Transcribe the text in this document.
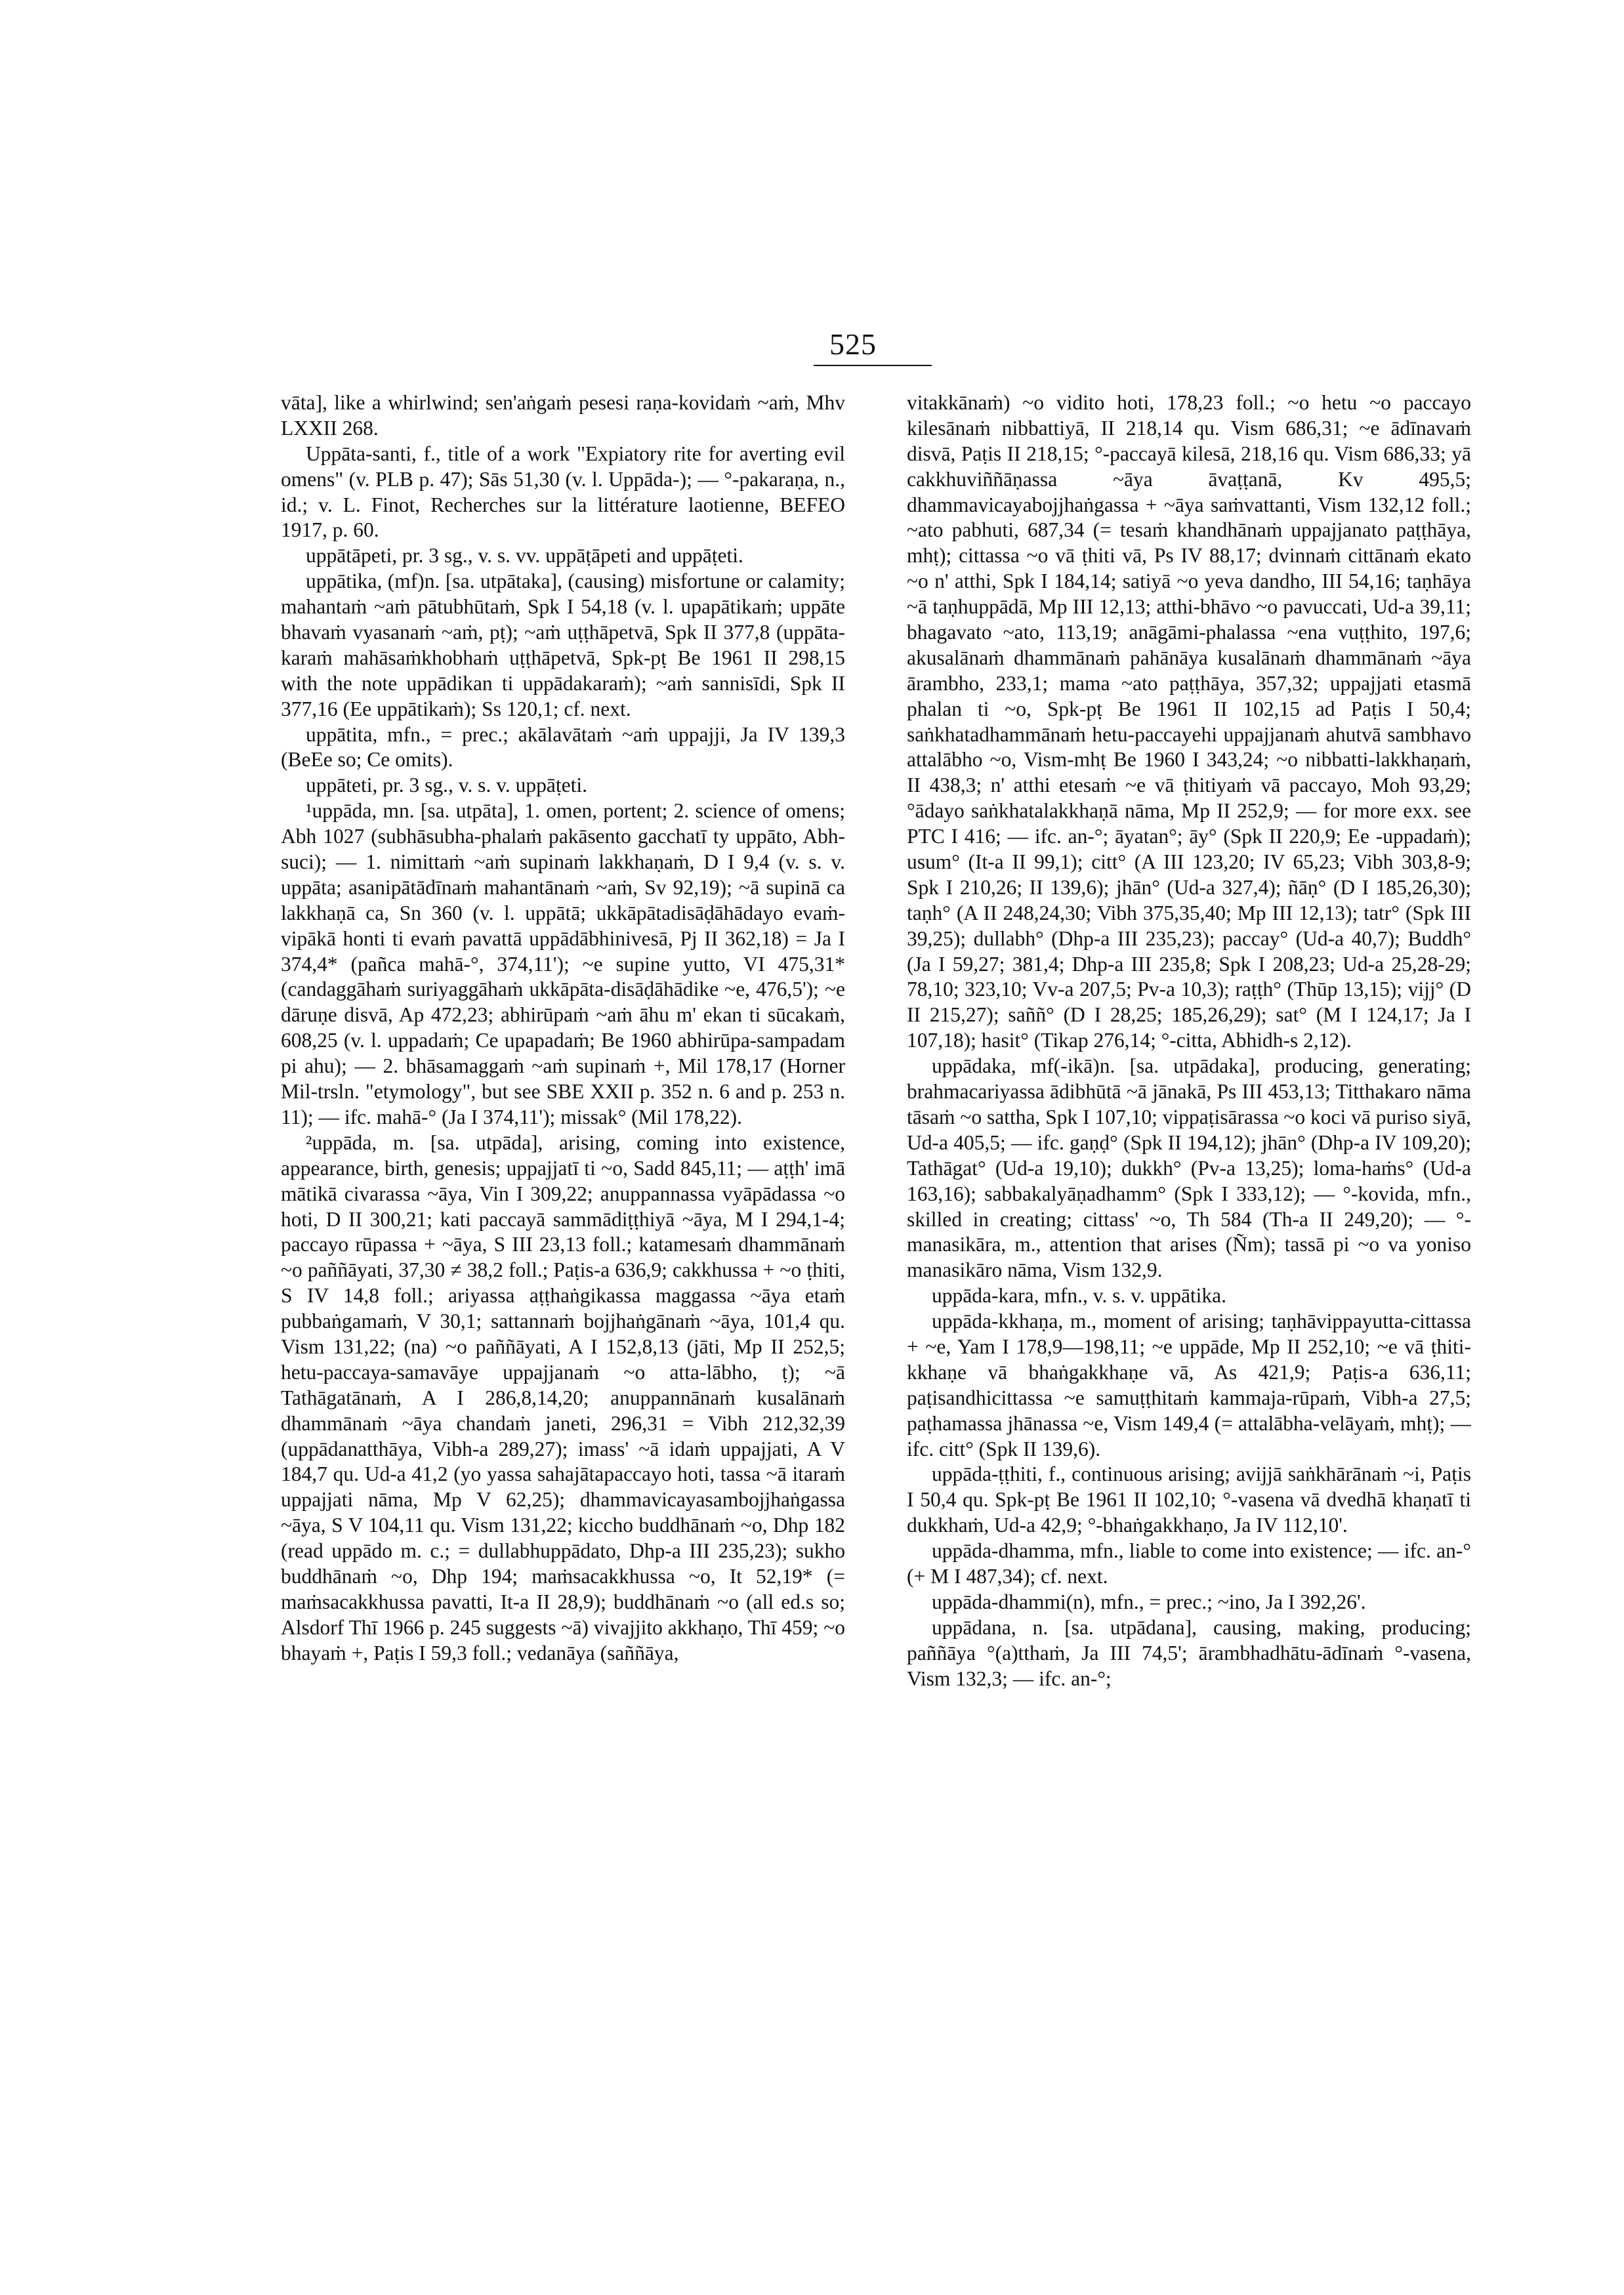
525

vāta], like a whirlwind; sen'aṅgaṁ pesesi raṇa-kovidaṁ ~aṁ, Mhv LXXII 268.

Uppāta-santi, f., title of a work "Expiatory rite for averting evil omens" (v. PLB p. 47); Sās 51,30 (v. l. Uppāda-); — °-pakaraṇa, n., id.; v. L. Finot, Recherches sur la littérature laotienne, BEFEO 1917, p. 60.

uppātāpeti, pr. 3 sg., v. s. vv. uppāṭāpeti and uppāṭeti.

uppātika, (mf)n. [sa. utpātaka], (causing) misfortune or calamity; mahantaṁ ~aṁ pātubhūtaṁ, Spk I 54,18 (v. l. upapātikaṁ; uppāte bhavaṁ vyasanaṁ ~aṁ, pṭ); ~aṁ uṭṭhāpetvā, Spk II 377,8 (uppāta-karaṁ mahāsaṁkhobhaṁ uṭṭhāpetvā, Spk-pṭ Be 1961 II 298,15 with the note uppādikan ti uppādakaraṁ); ~aṁ sannisīdi, Spk II 377,16 (Ee uppātikaṁ); Ss 120,1; cf. next.

uppātita, mfn., = prec.; akālavātaṁ ~aṁ uppajji, Ja IV 139,3 (BeEe so; Ce omits).

uppāteti, pr. 3 sg., v. s. v. uppāṭeti.

¹uppāda, mn. [sa. utpāta], 1. omen, portent; 2. science of omens; Abh 1027 (subhāsubha-phalaṁ pakāsento gacchatī ty uppāto, Abh-suci); — 1. nimittaṁ ~aṁ supinaṁ lakkhaṇaṁ, D I 9,4 (v. s. v. uppāta; asanipātādīnaṁ mahantānaṁ ~aṁ, Sv 92,19); ~ā supinā ca lakkhaṇā ca, Sn 360 (v. l. uppātā; ukkāpātadisāḍāhādayo evaṁ-vipākā honti ti evaṁ pavattā uppādābhinivesā, Pj II 362,18) = Ja I 374,4* (pañca mahā-°, 374,11'); ~e supine yutto, VI 475,31* (candaggāhaṁ suriyaggāhaṁ ukkāpāta-disāḍāhādike ~e, 476,5'); ~e dāruṇe disvā, Ap 472,23; abhirūpaṁ ~aṁ āhu m' ekan ti sūcakaṁ, 608,25 (v. l. uppadaṁ; Ce upapadaṁ; Be 1960 abhirūpa-sampadam pi ahu); — 2. bhāsamaggaṁ ~aṁ supinaṁ +, Mil 178,17 (Horner Mil-trsln. "etymology", but see SBE XXII p. 352 n. 6 and p. 253 n. 11); — ifc. mahā-° (Ja I 374,11'); missak° (Mil 178,22).

²uppāda, m. [sa. utpāda], arising, coming into existence, appearance, birth, genesis; uppajjatī ti ~o, Sadd 845,11; — aṭṭh' imā mātikā civarassa ~āya, Vin I 309,22; anuppannassa vyāpādassa ~o hoti, D II 300,21; kati paccayā sammādiṭṭhiyā ~āya, M I 294,1-4; paccayo rūpassa + ~āya, S III 23,13 foll.; katamesaṁ dhammānaṁ ~o paññāyati, 37,30 ≠ 38,2 foll.; Paṭis-a 636,9; cakkhussa + ~o ṭhiti, S IV 14,8 foll.; ariyassa aṭṭhaṅgikassa maggassa ~āya etaṁ pubbaṅgamaṁ, V 30,1; sattannaṁ bojjhaṅgānaṁ ~āya, 101,4 qu. Vism 131,22; (na) ~o paññāyati, A I 152,8,13 (jāti, Mp II 252,5; hetu-paccaya-samavāye uppajjanaṁ ~o atta-lābho, ṭ); ~ā Tathāgatānaṁ, A I 286,8,14,20; anuppannānaṁ kusalānaṁ dhammānaṁ ~āya chandaṁ janeti, 296,31 = Vibh 212,32,39 (uppādanatthāya, Vibh-a 289,27); imass' ~ā idaṁ uppajjati, A V 184,7 qu. Ud-a 41,2 (yo yassa sahajātapaccayo hoti, tassa ~ā itaraṁ uppajjati nāma, Mp V 62,25); dhammavicayasambojjhaṅgassa ~āya, S V 104,11 qu. Vism 131,22; kiccho buddhānaṁ ~o, Dhp 182 (read uppādo m. c.; = dullabhuppādato, Dhp-a III 235,23); sukho buddhānaṁ ~o, Dhp 194; maṁsacakkhussa ~o, It 52,19* (= maṁsacakkhussa pavatti, It-a II 28,9); buddhānaṁ ~o (all ed.s so; Alsdorf Thī 1966 p. 245 suggests ~ā) vivajjito akkhaṇo, Thī 459; ~o bhayaṁ +, Paṭis I 59,3 foll.; vedanāya (saññāya,

vitakkānaṁ) ~o vidito hoti, 178,23 foll.; ~o hetu ~o paccayo kilesānaṁ nibbattiyā, II 218,14 qu. Vism 686,31; ~e ādīnavaṁ disvā, Paṭis II 218,15; °-paccayā kilesā, 218,16 qu. Vism 686,33; yā cakkhuviññāṇassa ~āya āvaṭṭanā, Kv 495,5; dhammavicayabojjhaṅgassa + ~āya saṁvattanti, Vism 132,12 foll.; ~ato pabhuti, 687,34 (= tesaṁ khandhānaṁ uppajjanato paṭṭhāya, mhṭ); cittassa ~o vā ṭhiti vā, Ps IV 88,17; dvinnaṁ cittānaṁ ekato ~o n' atthi, Spk I 184,14; satiyā ~o yeva dandho, III 54,16; taṇhāya ~ā taṇhuppādā, Mp III 12,13; atthi-bhāvo ~o pavuccati, Ud-a 39,11; bhagavato ~ato, 113,19; anāgāmi-phalassa ~ena vuṭṭhito, 197,6; akusalānaṁ dhammānaṁ pahānāya kusalānaṁ dhammānaṁ ~āya ārambho, 233,1; mama ~ato paṭṭhāya, 357,32; uppajjati etasmā phalan ti ~o, Spk-pṭ Be 1961 II 102,15 ad Paṭis I 50,4; saṅkhatadhammānaṁ hetu-paccayehi uppajjanaṁ ahutvā sambhavo attalābho ~o, Vism-mhṭ Be 1960 I 343,24; ~o nibbatti-lakkhaṇaṁ, II 438,3; n' atthi etesaṁ ~e vā ṭhitiyaṁ vā paccayo, Moh 93,29; °ādayo saṅkhatalakkhaṇā nāma, Mp II 252,9; — for more exx. see PTC I 416; — ifc. an-°; āyatan°; āy° (Spk II 220,9; Ee -uppadaṁ); usum° (It-a II 99,1); citt° (A III 123,20; IV 65,23; Vibh 303,8-9; Spk I 210,26; II 139,6); jhān° (Ud-a 327,4); ñāṇ° (D I 185,26,30); taṇh° (A II 248,24,30; Vibh 375,35,40; Mp III 12,13); tatr° (Spk III 39,25); dullabh° (Dhp-a III 235,23); paccay° (Ud-a 40,7); Buddh° (Ja I 59,27; 381,4; Dhp-a III 235,8; Spk I 208,23; Ud-a 25,28-29; 78,10; 323,10; Vv-a 207,5; Pv-a 10,3); raṭṭh° (Thūp 13,15); vijj° (D II 215,27); saññ° (D I 28,25; 185,26,29); sat° (M I 124,17; Ja I 107,18); hasit° (Tikap 276,14; °-citta, Abhidh-s 2,12).

uppādaka, mf(-ikā)n. [sa. utpādaka], producing, generating; brahmacariyassa ādibhūtā ~ā jānakā, Ps III 453,13; Titthakaro nāma tāsaṁ ~o sattha, Spk I 107,10; vippaṭisārassa ~o koci vā puriso siyā, Ud-a 405,5; — ifc. gaṇḍ° (Spk II 194,12); jhān° (Dhp-a IV 109,20); Tathāgat° (Ud-a 19,10); dukkh° (Pv-a 13,25); loma-haṁs° (Ud-a 163,16); sabbakalyāṇadhamm° (Spk I 333,12); — °-kovida, mfn., skilled in creating; cittass' ~o, Th 584 (Th-a II 249,20); — °-manasikāra, m., attention that arises (Ñm); tassā pi ~o va yoniso manasikāro nāma, Vism 132,9.

uppāda-kara, mfn., v. s. v. uppātika.

uppāda-kkhaṇa, m., moment of arising; taṇhāvippayutta-cittassa + ~e, Yam I 178,9—198,11; ~e uppāde, Mp II 252,10; ~e vā ṭhiti-kkhaṇe vā bhaṅgakkhaṇe vā, As 421,9; Paṭis-a 636,11; paṭisandhicittassa ~e samuṭṭhitaṁ kammaja-rūpaṁ, Vibh-a 27,5; paṭhamassa jhānassa ~e, Vism 149,4 (= attalābha-velāyaṁ, mhṭ); — ifc. citt° (Spk II 139,6).

uppāda-ṭṭhiti, f., continuous arising; avijjā saṅkhārānaṁ ~i, Paṭis I 50,4 qu. Spk-pṭ Be 1961 II 102,10; °-vasena vā dvedhā khaṇatī ti dukkhaṁ, Ud-a 42,9; °-bhaṅgakkhaṇo, Ja IV 112,10'.

uppāda-dhamma, mfn., liable to come into existence; — ifc. an-° (+ M I 487,34); cf. next.

uppāda-dhammi(n), mfn., = prec.; ~ino, Ja I 392,26'.

uppādana, n. [sa. utpādana], causing, making, producing; paññāya °(a)tthaṁ, Ja III 74,5'; ārambhadhātu-ādīnaṁ °-vasena, Vism 132,3; — ifc. an-°;
